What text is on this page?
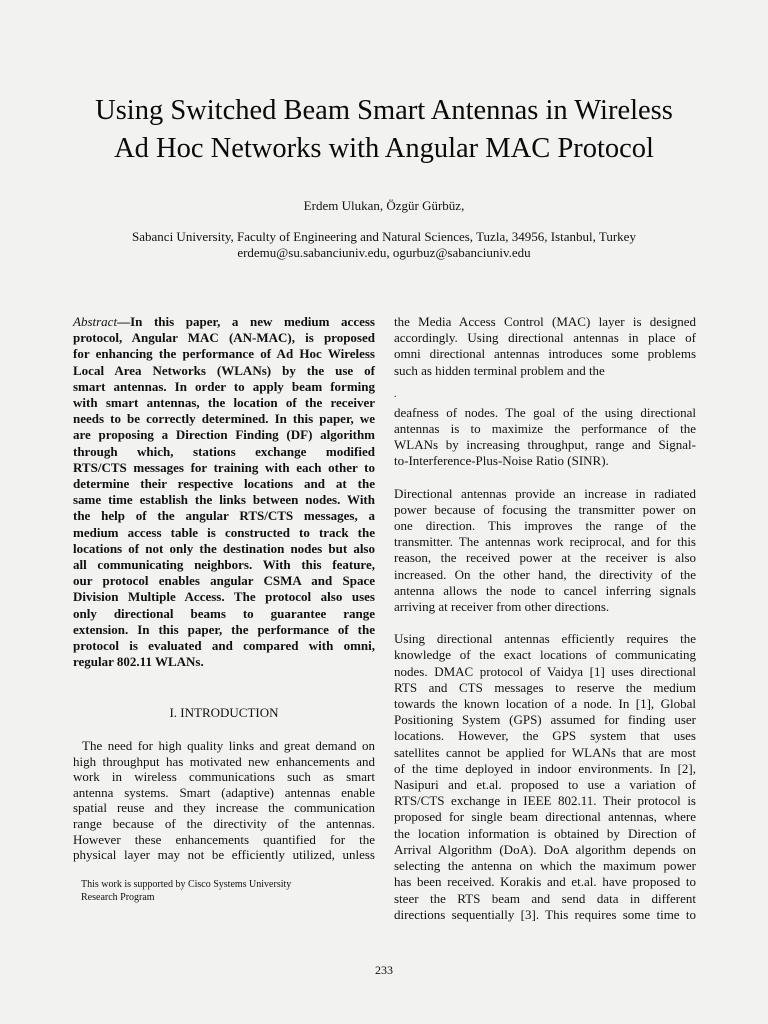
Using Switched Beam Smart Antennas in Wireless
Ad Hoc Networks with Angular MAC Protocol
Erdem Ulukan, Özgür Gürbüz,
Sabanci University, Faculty of Engineering and Natural Sciences, Tuzla, 34956, Istanbul, Turkey
erdemu@su.sabanciuniv.edu, ogurbuz@sabanciuniv.edu

Abstract—In this paper, a new medium access

protocol, Angular MAC (AN-MAC), is proposed

for enhancing the performance of Ad Hoc Wireless

Local Area Networks (WLANs) by the use of

smart antennas. In order to apply beam forming

with smart antennas, the location of the receiver

needs to be correctly determined. In this paper, we

are proposing a Direction Finding (DF) algorithm

through which, stations exchange modified

RTS/CTS messages for training with each other to

determine their respective locations and at the

same time establish the links between nodes. With

the help of the angular RTS/CTS messages, a

medium access table is constructed to track the

locations of not only the destination nodes but also

all communicating neighbors. With this feature,

our protocol enables angular CSMA and Space

Division Multiple Access. The protocol also uses

only directional beams to guarantee range

extension. In this paper, the performance of the

protocol is evaluated and compared with omni,

regular 802.11 WLANs.

I. INTRODUCTION

The need for high quality links and great demand on

high throughput has motivated new enhancements and

work in wireless communications such as smart

antenna systems. Smart (adaptive) antennas enable

spatial reuse and they increase the communication

range because of the directivity of the antennas.

However these enhancements quantified for the

physical layer may not be efficiently utilized, unless

This work is supported by Cisco Systems University
Research Program

the Media Access Control (MAC) layer is designed

accordingly. Using directional antennas in place of

omni directional antennas introduces some problems

such as hidden terminal problem and the

.

deafness of nodes. The goal of the using directional

antennas is to maximize the performance of the

WLANs by increasing throughput, range and Signal-

to-Interference-Plus-Noise Ratio (SINR).

Directional antennas provide an increase in radiated

power because of focusing the transmitter power on

one direction. This improves the range of the

transmitter. The antennas work reciprocal, and for this

reason, the received power at the receiver is also

increased. On the other hand, the directivity of the

antenna allows the node to cancel inferring signals

arriving at receiver from other directions.

Using directional antennas efficiently requires the

knowledge of the exact locations of communicating

nodes. DMAC protocol of Vaidya [1] uses directional

RTS and CTS messages to reserve the medium

towards the known location of a node. In [1], Global

Positioning System (GPS) assumed for finding user

locations. However, the GPS system that uses

satellites cannot be applied for WLANs that are most

of the time deployed in indoor environments. In [2],

Nasipuri and et.al. proposed to use a variation of

RTS/CTS exchange in IEEE 802.11. Their protocol is

proposed for single beam directional antennas, where

the location information is obtained by Direction of

Arrival Algorithm (DoA). DoA algorithm depends on

selecting the antenna on which the maximum power

has been received. Korakis and et.al. have proposed to

steer the RTS beam and send data in different

directions sequentially [3]. This requires some time to

233
